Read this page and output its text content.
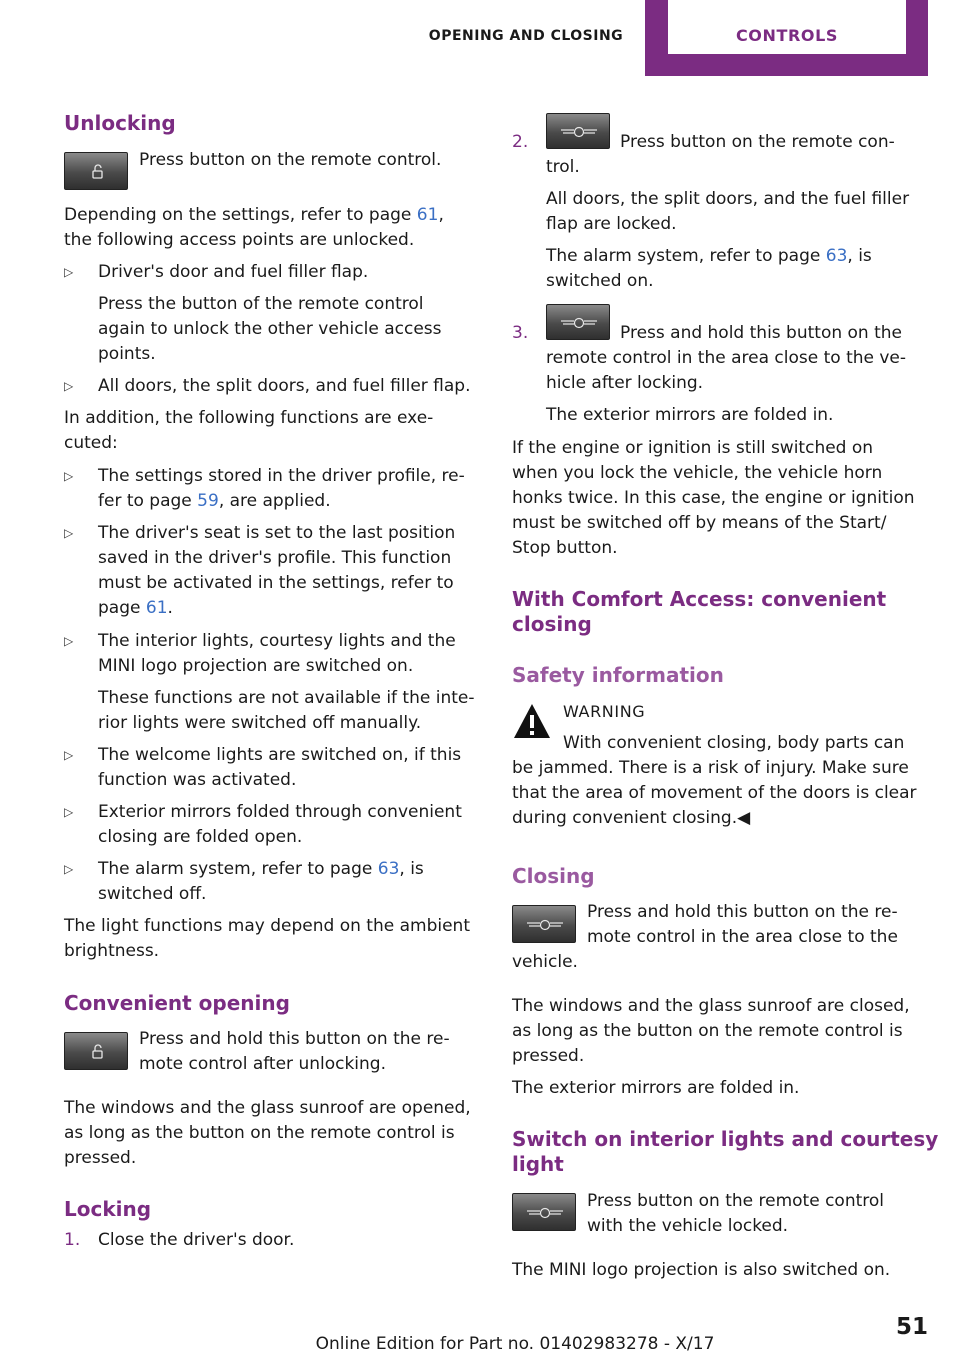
OPENING AND CLOSING	CONTROLS
Unlocking
Press button on the remote control.
Depending on the settings, refer to page 61,
the following access points are unlocked.
▷ Driver's door and fuel filler flap.
Press the button of the remote control
again to unlock the other vehicle access
points.
▷ All doors, the split doors, and fuel filler flap.
In addition, the following functions are exe‐
cuted:
▷ The settings stored in the driver profile, re‐
fer to page 59, are applied.
▷ The driver's seat is set to the last position
saved in the driver's profile. This function
must be activated in the settings, refer to
page 61.
▷ The interior lights, courtesy lights and the
MINI logo projection are switched on.
These functions are not available if the inte‐
rior lights were switched off manually.
▷ The welcome lights are switched on, if this
function was activated.
▷ Exterior mirrors folded through convenient
closing are folded open.
▷ The alarm system, refer to page 63, is
switched off.
The light functions may depend on the ambient
brightness.
Convenient opening
Press and hold this button on the re‐
mote control after unlocking.
The windows and the glass sunroof are opened,
as long as the button on the remote control is
pressed.
Locking
1. Close the driver's door.
2.	Press button on the remote con‐
trol.
All doors, the split doors, and the fuel filler
flap are locked.
The alarm system, refer to page 63, is
switched on.
3.	Press and hold this button on the
remote control in the area close to the ve‐
hicle after locking.
The exterior mirrors are folded in.
If the engine or ignition is still switched on
when you lock the vehicle, the vehicle horn
honks twice. In this case, the engine or ignition
must be switched off by means of the Start/
Stop button.
With Comfort Access: convenient
closing
Safety information
WARNING
With convenient closing, body parts can
be jammed. There is a risk of injury. Make sure
that the area of movement of the doors is clear
during convenient closing.◀
Closing
Press and hold this button on the re‐
mote control in the area close to the
vehicle.
The windows and the glass sunroof are closed,
as long as the button on the remote control is
pressed.
The exterior mirrors are folded in.
Switch on interior lights and courtesy
light
Press button on the remote control
with the vehicle locked.
The MINI logo projection is also switched on.
51
Online Edition for Part no. 01402983278 - X/17
